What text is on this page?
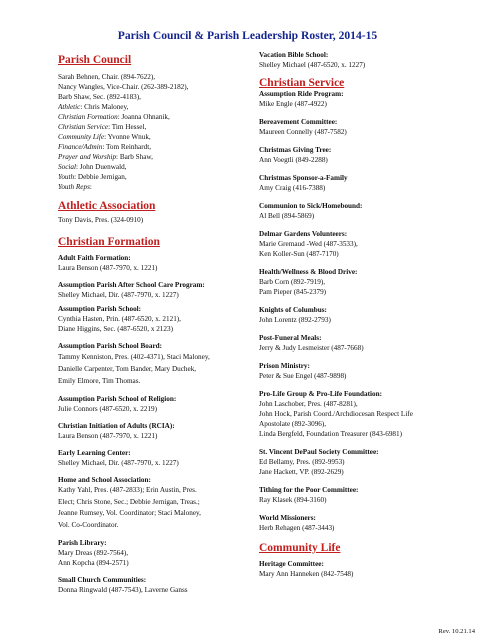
Parish Council & Parish Leadership Roster, 2014-15
Parish Council
Sarah Behnen, Chair. (894-7622),
Nancy Wangles, Vice-Chair. (262-389-2182),
Barb Shaw, Sec. (892-4183),
Athletic: Chris Maloney,
Christian Formation: Joanna Ohnanik,
Christian Service: Tim Hessel,
Community Life: Yvonne Wnuk,
Finance/Admin: Tom Reinhardt,
Prayer and Worship: Barb Shaw,
Social: John Duenwald,
Youth: Debbie Jernigan,
Youth Reps:
Athletic Association
Tony Davis, Pres. (324-0910)
Christian Formation
Adult Faith Formation:
Laura Benson (487-7970, x. 1221)
Assumption Parish After School Care Program:
Shelley Michael, Dir. (487-7970, x. 1227)
Assumption Parish School:
Cynthia Hasten, Prin. (487-6520, x. 2121),
Diane Higgins, Sec. (487-6520, x 2123)
Assumption Parish School Board:
Tammy Kenniston, Pres. (402-4371), Staci Maloney,
Danielle Carpenter, Tom Bander, Mary Duchek,
Emily Elmore, Tim Thomas.
Assumption Parish School of Religion:
Julie Connors (487-6520, x. 2219)
Christian Initiation of Adults (RCIA):
Laura Benson (487-7970, x. 1221)
Early Learning Center:
Shelley Michael, Dir. (487-7970, x. 1227)
Home and School Association:
Kathy Yahl, Pres. (487-2833); Erin Austin, Pres.
Elect; Chris Stone, Sec.; Debbie Jernigan, Treas.;
Jeanne Rumsey, Vol. Coordinator; Staci Maloney,
Vol. Co-Coordinator.
Parish Library:
Mary Dreas (892-7564),
Ann Kopcha (894-2571)
Small Church Communities:
Donna Ringwald (487-7543), Laverne Ganss
Vacation Bible School:
Shelley Michael (487-6520, x. 1227)
Christian Service
Assumption Ride Program:
Mike Engle (487-4922)
Bereavement Committee:
Maureen Connelly (487-7582)
Christmas Giving Tree:
Ann Voegtli (849-2288)
Christmas Sponsor-a-Family
Amy Craig (416-7388)
Communion to Sick/Homebound:
Al Bell (894-5869)
Delmar Gardens Volunteers:
Marie Gremaud -Wed (487-3533),
Ken Koller-Sun (487-7170)
Health/Wellness & Blood Drive:
Barb Corn (892-7919),
Pam Pieper (845-2379)
Knights of Columbus:
John Lorentz (892-2793)
Post-Funeral Meals:
Jerry & Judy Lesmeister (487-7668)
Prison Ministry:
Peter & Sue Engel (487-9898)
Pro-Life Group & Pro-Life Foundation:
John Laschober, Pres. (487-8281),
John Hock, Parish Coord./Archdiocesan Respect Life
Apostolate (892-3096),
Linda Bergfeld, Foundation Treasurer (843-6981)
St. Vincent DePaul Society Committee:
Ed Bellamy, Pres. (892-9953)
Jane Hackett, VP. (892-2629)
Tithing for the Poor Committee:
Ray Klasek (894-3160)
World Missioners:
Herb Rehagen (487-3443)
Community Life
Heritage Committee:
Mary Ann Hanneken (842-7548)
Rev. 10.21.14
